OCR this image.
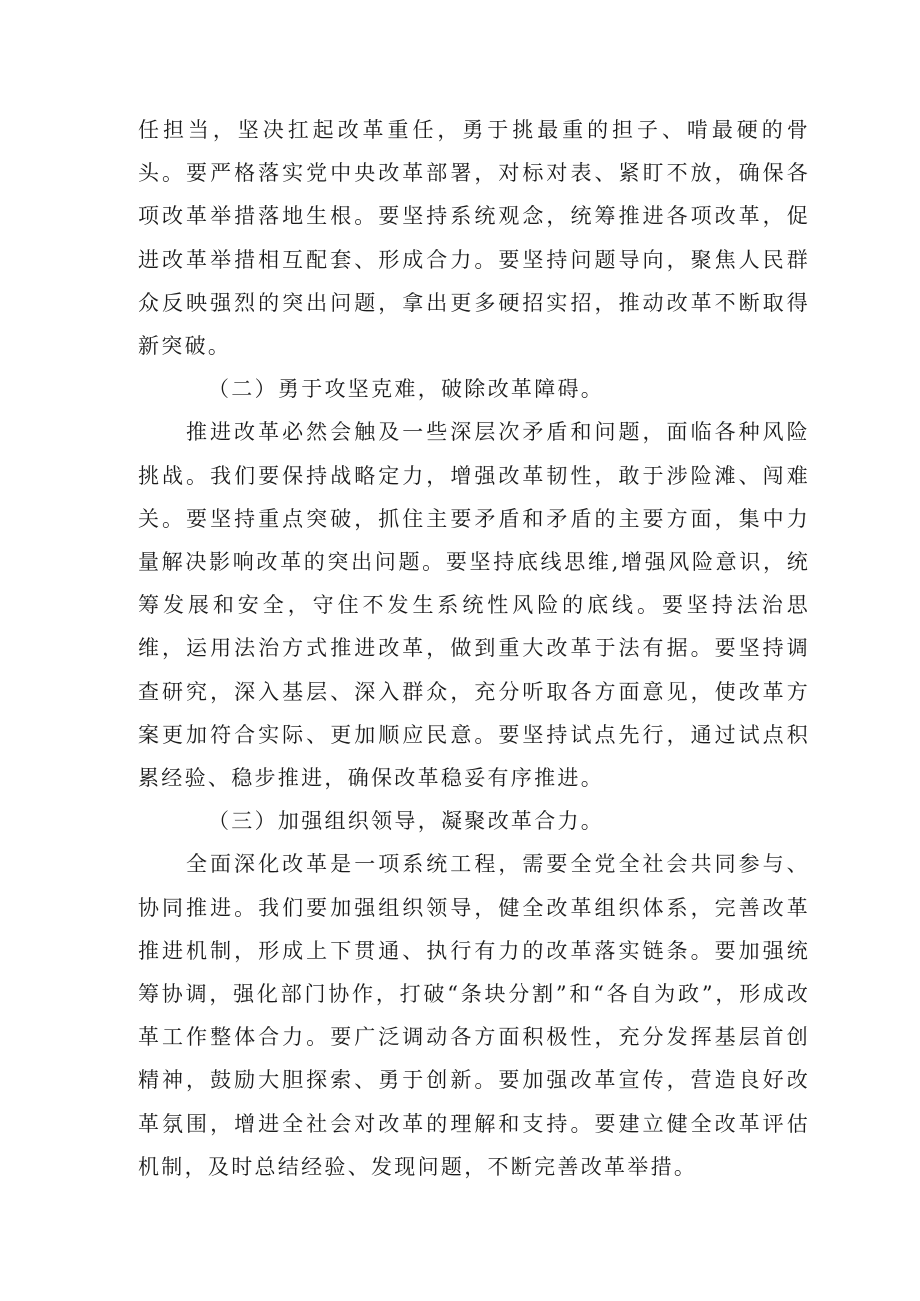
任担当，坚决扛起改革重任，勇于挑最重的担子、啃最硬的骨头。要严格落实党中央改革部署，对标对表、紧盯不放，确保各项改革举措落地生根。要坚持系统观念，统筹推进各项改革，促进改革举措相互配套、形成合力。要坚持问题导向，聚焦人民群众反映强烈的突出问题，拿出更多硬招实招，推动改革不断取得新突破。

（二）勇于攻坚克难，破除改革障碍。

推进改革必然会触及一些深层次矛盾和问题，面临各种风险挑战。我们要保持战略定力，增强改革韧性，敢于涉险滩、闯难关。要坚持重点突破，抓住主要矛盾和矛盾的主要方面，集中力量解决影响改革的突出问题。要坚持底线思维,增强风险意识，统筹发展和安全，守住不发生系统性风险的底线。要坚持法治思维，运用法治方式推进改革，做到重大改革于法有据。要坚持调查研究，深入基层、深入群众，充分听取各方面意见，使改革方案更加符合实际、更加顺应民意。要坚持试点先行，通过试点积累经验、稳步推进，确保改革稳妥有序推进。

（三）加强组织领导，凝聚改革合力。

全面深化改革是一项系统工程，需要全党全社会共同参与、协同推进。我们要加强组织领导，健全改革组织体系，完善改革推进机制，形成上下贯通、执行有力的改革落实链条。要加强统筹协调，强化部门协作，打破“条块分割”和“各自为政”，形成改革工作整体合力。要广泛调动各方面积极性，充分发挥基层首创精神，鼓励大胆探索、勇于创新。要加强改革宣传，营造良好改革氛围，增进全社会对改革的理解和支持。要建立健全改革评估机制，及时总结经验、发现问题，不断完善改革举措。
